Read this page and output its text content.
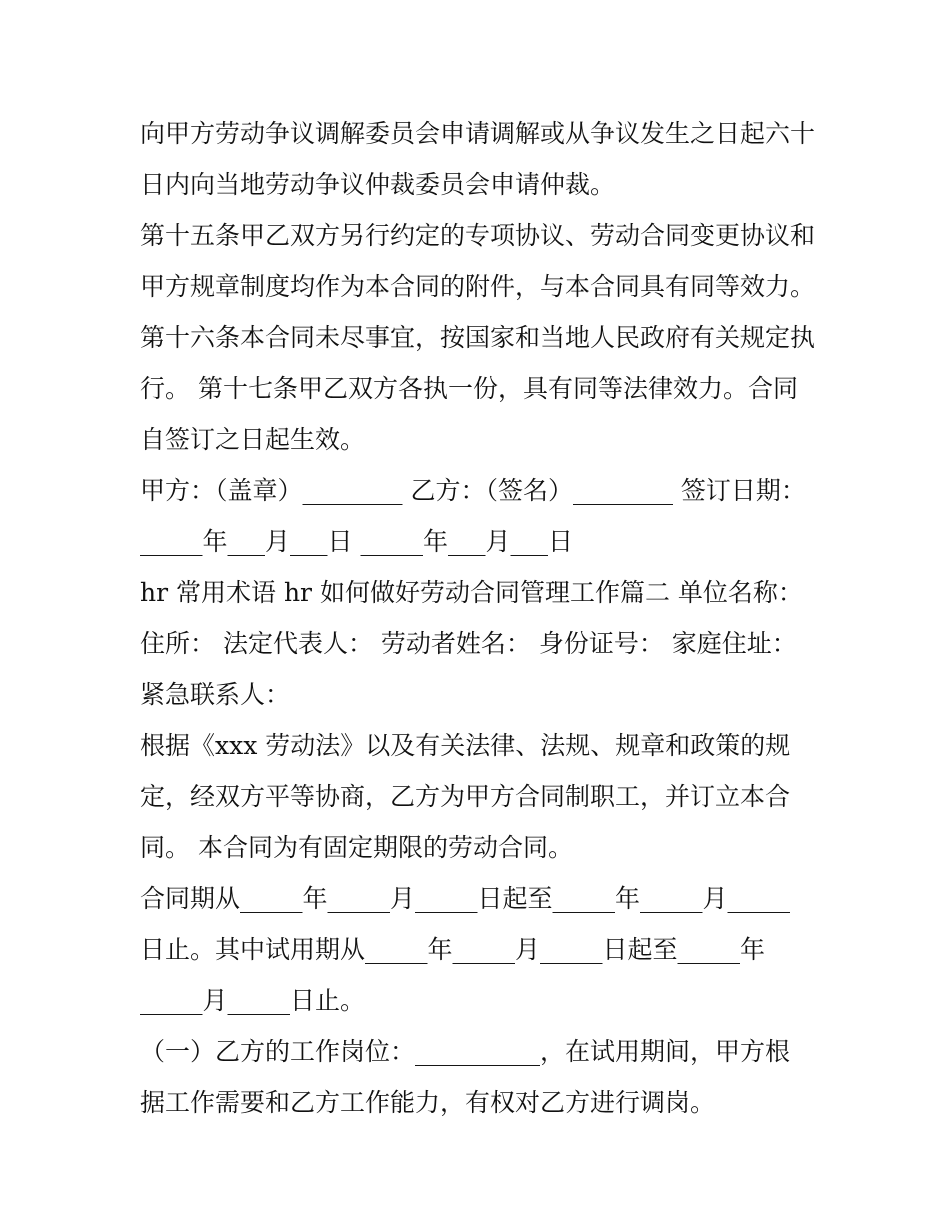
向甲方劳动争议调解委员会申请调解或从争议发生之日起六十
日内向当地劳动争议仲裁委员会申请仲裁。
第十五条甲乙双方另行约定的专项协议、劳动合同变更协议和
甲方规章制度均作为本合同的附件，与本合同具有同等效力。
第十六条本合同未尽事宜，按国家和当地人民政府有关规定执
行。 第十七条甲乙双方各执一份，具有同等法律效力。合同
自签订之日起生效。
甲方：（盖章）________ 乙方：（签名）________ 签订日期：
_____年___月___日 _____年___月___日
hr 常用术语 hr 如何做好劳动合同管理工作篇二 单位名称：
住所： 法定代表人： 劳动者姓名： 身份证号： 家庭住址：
紧急联系人：
根据《xxx 劳动法》以及有关法律、法规、规章和政策的规
定，经双方平等协商，乙方为甲方合同制职工，并订立本合
同。 本合同为有固定期限的劳动合同。
合同期从_____年_____月_____日起至_____年_____月_____
日止。其中试用期从_____年_____月_____日起至_____年
_____月_____日止。
（一）乙方的工作岗位：__________，在试用期间，甲方根
据工作需要和乙方工作能力，有权对乙方进行调岗。
